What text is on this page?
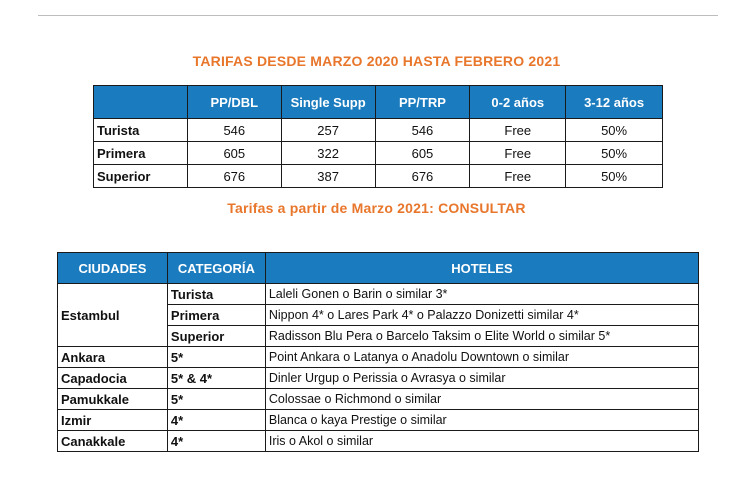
TARIFAS DESDE MARZO 2020 HASTA FEBRERO 2021
	PP/DBL	Single Supp	PP/TRP	0-2 años	3-12 años
Turista	546	257	546	Free	50%
Primera	605	322	605	Free	50%
Superior	676	387	676	Free	50%
Tarifas a partir de Marzo 2021: CONSULTAR
CIUDADES	CATEGORÍA	HOTELES
Estambul	Turista	Laleli Gonen o Barin o similar 3*
	Primera	Nippon 4* o Lares Park 4* o Palazzo Donizetti similar 4*
	Superior	Radisson Blu Pera o Barcelo Taksim o Elite World o similar 5*
Ankara	5*	Point Ankara o Latanya o Anadolu Downtown o similar
Capadocia	5* & 4*	Dinler Urgup o Perissia o Avrasya o similar
Pamukkale	5*	Colossae o Richmond o similar
Izmir	4*	Blanca o kaya Prestige o similar
Canakkale	4*	Iris o Akol o similar
